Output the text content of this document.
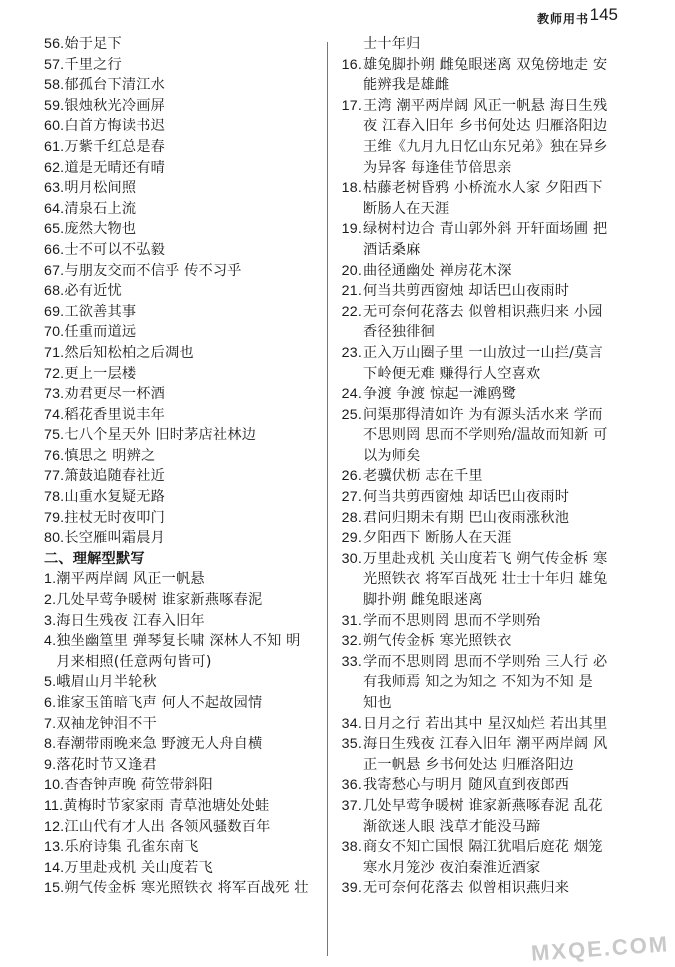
教师用书 145
56. 始于足下
57. 千里之行
58. 郁孤台下清江水
59. 银烛秋光冷画屏
60. 白首方悔读书迟
61. 万紫千红总是春
62. 道是无晴还有晴
63. 明月松间照
64. 清泉石上流
65. 庞然大物也
66. 士不可以不弘毅
67. 与朋友交而不信乎 传不习乎
68. 必有近忧
69. 工欲善其事
70. 任重而道远
71. 然后知松柏之后凋也
72. 更上一层楼
73. 劝君更尽一杯酒
74. 稻花香里说丰年
75. 七八个星天外 旧时茅店社林边
76. 慎思之 明辨之
77. 箫鼓追随春社近
78. 山重水复疑无路
79. 拄杖无时夜叩门
80. 长空雁叫霜晨月
二、理解型默写
1. 潮平两岸阔 风正一帆悬
2. 几处早莺争暖树 谁家新燕啄春泥
3. 海日生残夜 江春入旧年
4. 独坐幽篁里 弹琴复长啸 深林人不知 明月来相照(任意两句皆可)
5. 峨眉山月半轮秋
6. 谁家玉笛暗飞声 何人不起故园情
7. 双袖龙钟泪不干
8. 春潮带雨晚来急 野渡无人舟自横
9. 落花时节又逢君
10. 杳杳钟声晚 荷笠带斜阳
11. 黄梅时节家家雨 青草池塘处处蛙
12. 江山代有才人出 各领风骚数百年
13. 乐府诗集 孔雀东南飞
14. 万里赴戎机 关山度若飞
15. 朔气传金柝 寒光照铁衣 将军百战死 壮
士十年归
16. 雄兔脚扑朔 雌兔眼迷离 双兔傍地走 安
能辨我是雄雌
17. 王湾 潮平两岸阔 风正一帆悬 海日生残
夜 江春入旧年 乡书何处达 归雁洛阳边
王维《九月九日忆山东兄弟》独在异乡
为异客 每逢佳节倍思亲
18. 枯藤老树昏鸦 小桥流水人家 夕阳西下
断肠人在天涯
19. 绿树村边合 青山郭外斜 开轩面场圃 把
酒话桑麻
20. 曲径通幽处 禅房花木深
21. 何当共剪西窗烛 却话巴山夜雨时
22. 无可奈何花落去 似曾相识燕归来 小园
香径独徘徊
23. 正入万山圈子里 一山放过一山拦/莫言
下岭便无难 赚得行人空喜欢
24. 争渡 争渡 惊起一滩鸥鹭
25. 问渠那得清如许 为有源头活水来 学而
不思则罔 思而不学则殆/温故而知新 可
以为师矣
26. 老骥伏枥 志在千里
27. 何当共剪西窗烛 却话巴山夜雨时
28. 君问归期未有期 巴山夜雨涨秋池
29. 夕阳西下 断肠人在天涯
30. 万里赴戎机 关山度若飞 朔气传金柝 寒
光照铁衣 将军百战死 壮士十年归 雄兔
脚扑朔 雌兔眼迷离
31. 学而不思则罔 思而不学则殆
32. 朔气传金柝 寒光照铁衣
33. 学而不思则罔 思而不学则殆 三人行 必
有我师焉 知之为知之 不知为不知 是
知也
34. 日月之行 若出其中 星汉灿烂 若出其里
35. 海日生残夜 江春入旧年 潮平两岸阔 风
正一帆悬 乡书何处达 归雁洛阳边
36. 我寄愁心与明月 随风直到夜郎西
37. 几处早莺争暖树 谁家新燕啄春泥 乱花
渐欲迷人眼 浅草才能没马蹄
38. 商女不知亡国恨 隔江犹唱后庭花 烟笼
寒水月笼沙 夜泊秦淮近酒家
39. 无可奈何花落去 似曾相识燕归来
MXQE.COM
